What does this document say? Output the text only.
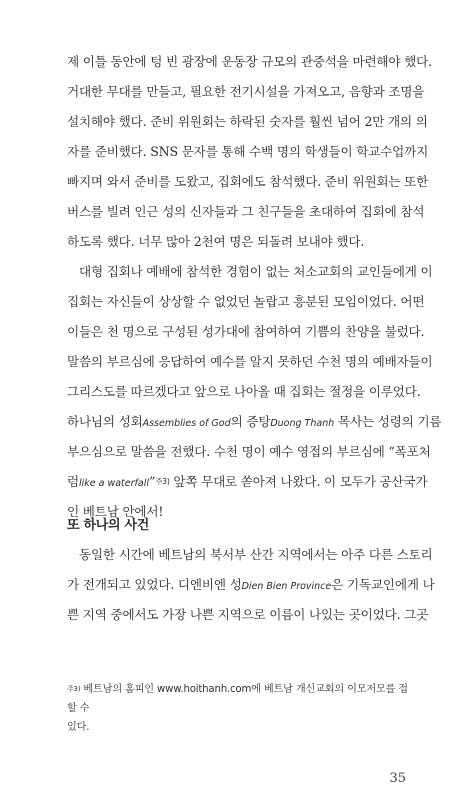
제 이틀 동안에 텅 빈 광장에 운동장 규모의 관중석을 마련해야 했다.
거대한 무대를 만들고, 필요한 전기시설을 가져오고, 음향과 조명을
설치해야 했다. 준비 위원회는 하락된 숫자를 훨씬 넘어 2만 개의 의
자를 준비했다. SNS 문자를 통해 수백 명의 학생들이 학교수업까지
빠지며 와서 준비를 도왔고, 집회에도 참석했다. 준비 위원회는 또한
버스를 빌려 인근 성의 신자들과 그 친구들을 초대하여 집회에 참석
하도록 했다. 너무 많아 2천여 명은 되돌려 보내야 했다.
대형 집회나 예배에 참석한 경험이 없는 처소교회의 교인들에게 이
집회는 자신들이 상상할 수 없었던 놀랍고 흥분된 모임이었다. 어떤
이들은 천 명으로 구성된 성가대에 참여하여 기쁨의 찬양을 불렀다.
말씀의 부르심에 응답하여 예수를 알지 못하던 수천 명의 예배자들이
그리스도를 따르겠다고 앞으로 나아올 때 집회는 절정을 이루었다.
하나님의 성회Assemblies of God의 증탕Duong Thanh 목사는 성령의 기름
부으심으로 말씀을 전했다. 수천 명이 예수 영접의 부르심에 “폭포처
럼like a waterfall”$^{주3)}$ 앞쪽 무대로 쏟아져 나왔다. 이 모두가 공산국가
인 베트남 안에서!
또 하나의 사건
동일한 시간에 베트남의 북서부 산간 지역에서는 아주 다른 스토리
가 전개되고 있었다. 디엔비엔 성Dien Bien Province은 기독교인에게 나
쁜 지역 중에서도 가장 나쁜 지역으로 이름이 나있는 곳이었다. 그곳
$^{주3)}$ 베트남의 홈피인 www.hoithanh.com에 베트남 개신교회의 이모저모를 접할 수
있다.
35
